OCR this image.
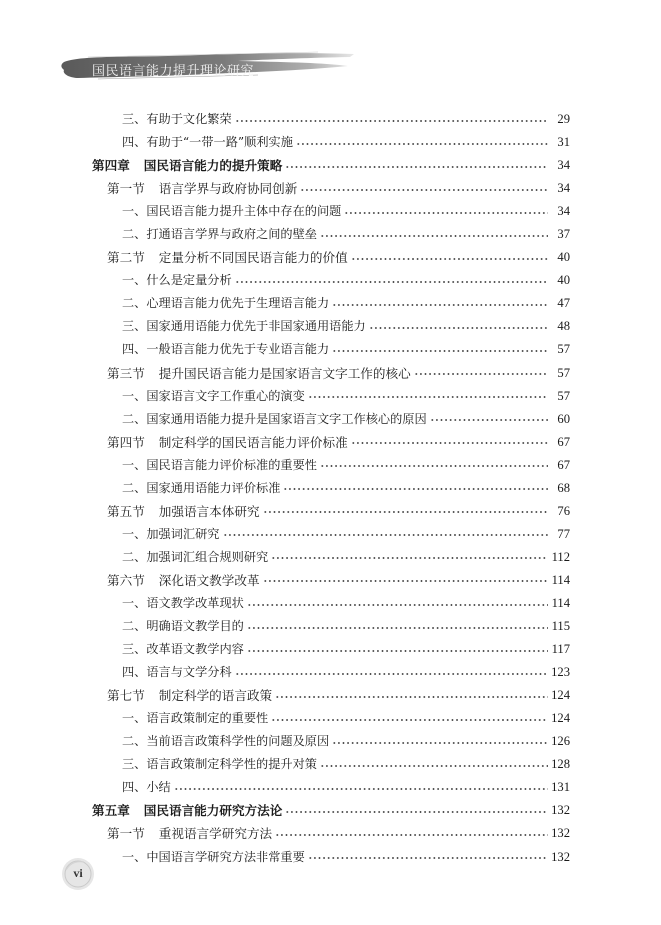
国民语言能力提升理论研究
三、有助于文化繁荣	29
四、有助于“一带一路”顺利实施	31
第四章 国民语言能力的提升策略	34
第一节 语言学界与政府协同创新	34
一、国民语言能力提升主体中存在的问题	34
二、打通语言学界与政府之间的壁垒	37
第二节 定量分析不同国民语言能力的价值	40
一、什么是定量分析	40
二、心理语言能力优先于生理语言能力	47
三、国家通用语能力优先于非国家通用语能力	48
四、一般语言能力优先于专业语言能力	57
第三节 提升国民语言能力是国家语言文字工作的核心	57
一、国家语言文字工作重心的演变	57
二、国家通用语能力提升是国家语言文字工作核心的原因	60
第四节 制定科学的国民语言能力评价标准	67
一、国民语言能力评价标准的重要性	67
二、国家通用语能力评价标准	68
第五节 加强语言本体研究	76
一、加强词汇研究	77
二、加强词汇组合规则研究	112
第六节 深化语文教学改革	114
一、语文教学改革现状	114
二、明确语文教学目的	115
三、改革语文教学内容	117
四、语言与文学分科	123
第七节 制定科学的语言政策	124
一、语言政策制定的重要性	124
二、当前语言政策科学性的问题及原因	126
三、语言政策制定科学性的提升对策	128
四、小结	131
第五章 国民语言能力研究方法论	132
第一节 重视语言学研究方法	132
一、中国语言学研究方法非常重要	132
vi
